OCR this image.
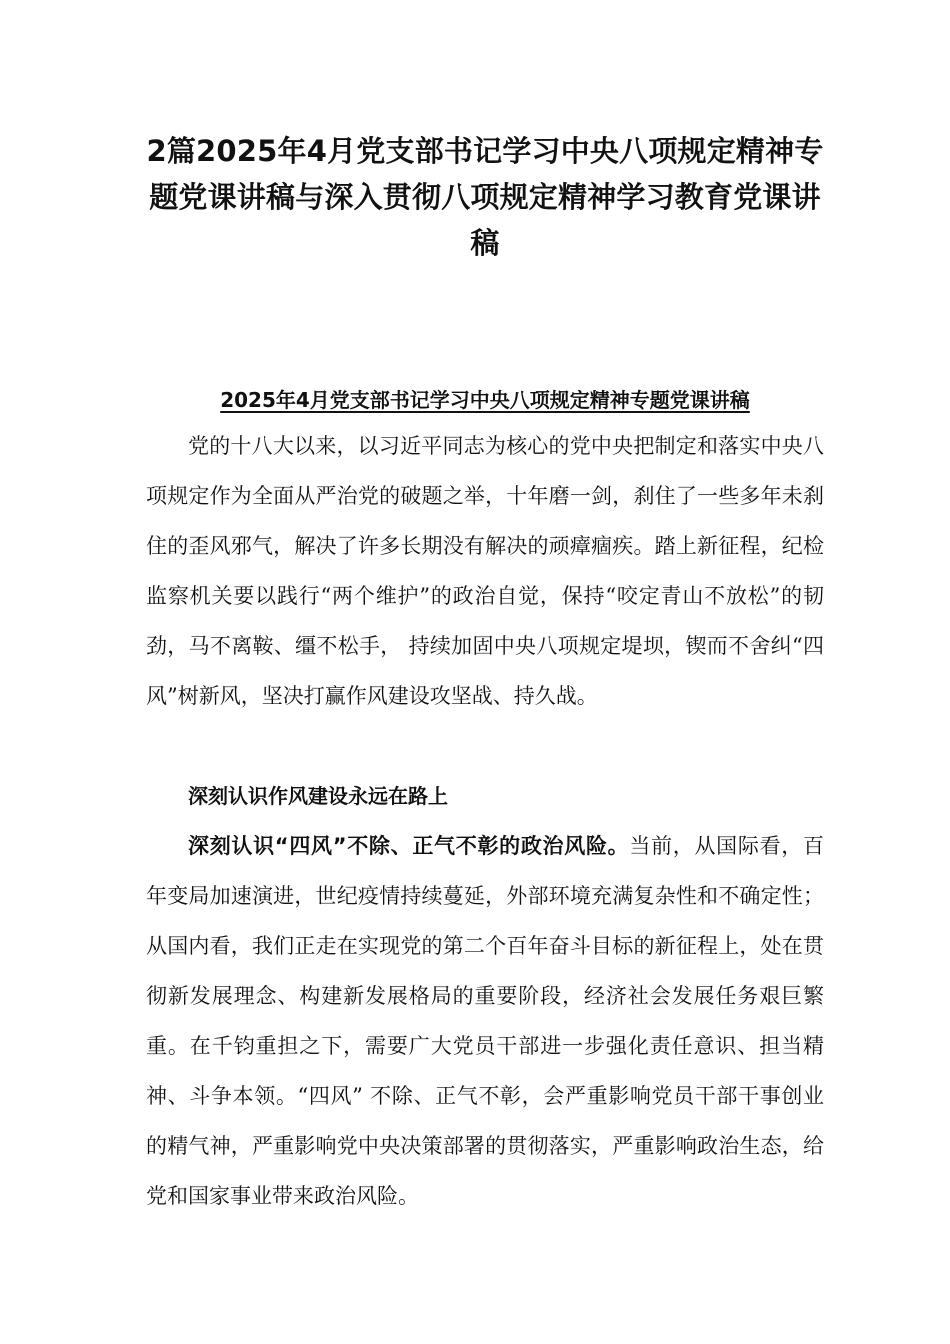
2篇2025年4月党支部书记学习中央八项规定精神专题党课讲稿与深入贯彻八项规定精神学习教育党课讲稿
2025年4月党支部书记学习中央八项规定精神专题党课讲稿

党的十八大以来，以习近平同志为核心的党中央把制定和落实中央八项规定作为全面从严治党的破题之举，十年磨一剑，刹住了一些多年未刹住的歪风邪气，解决了许多长期没有解决的顽瘴痼疾。踏上新征程，纪检监察机关要以践行“两个维护”的政治自觉，保持“咬定青山不放松”的韧劲，马不离鞍、缰不松手， 持续加固中央八项规定堤坝，锲而不舍纠“四风”树新风，坚决打赢作风建设攻坚战、持久战。

深刻认识作风建设永远在路上

深刻认识“四风”不除、正气不彰的政治风险。当前，从国际看，百年变局加速演进，世纪疫情持续蔓延，外部环境充满复杂性和不确定性；从国内看，我们正走在实现党的第二个百年奋斗目标的新征程上，处在贯彻新发展理念、构建新发展格局的重要阶段，经济社会发展任务艰巨繁重。在千钧重担之下，需要广大党员干部进一步强化责任意识、担当精神、斗争本领。“四风” 不除、正气不彰，会严重影响党员干部干事创业的精气神，严重影响党中央决策部署的贯彻落实，严重影响政治生态，给党和国家事业带来政治风险。
